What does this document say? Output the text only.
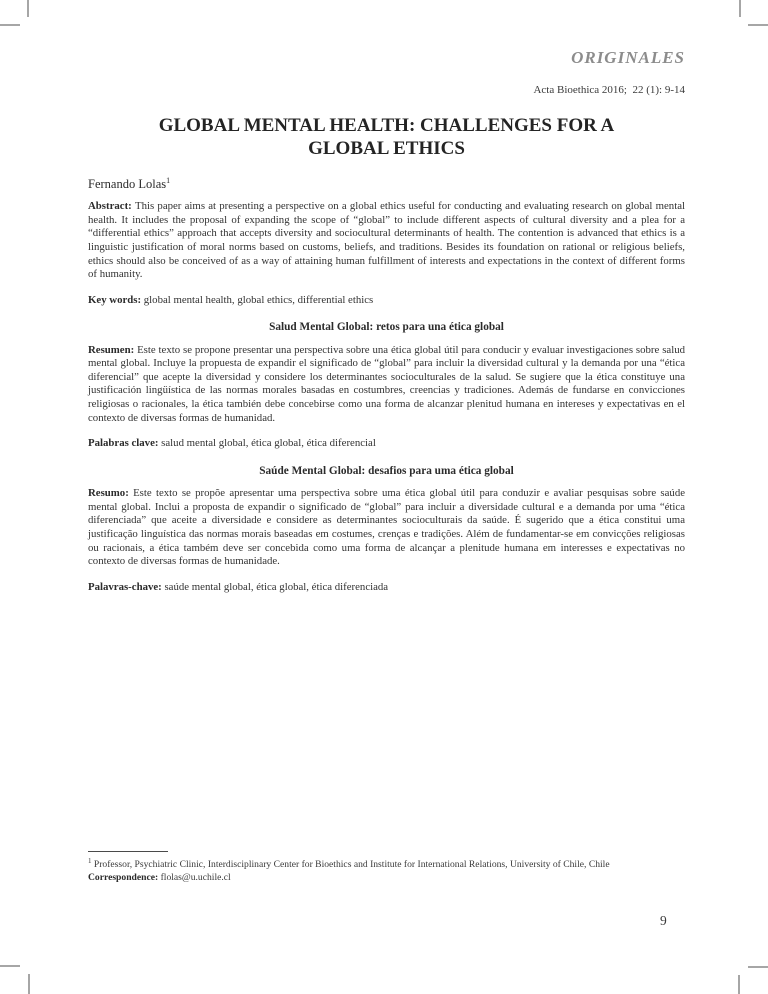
ORIGINALES
Acta Bioethica 2016;  22 (1): 9-14
GLOBAL MENTAL HEALTH: CHALLENGES FOR A GLOBAL ETHICS
Fernando Lolas$^1$

Abstract: This paper aims at presenting a perspective on a global ethics useful for conducting and evaluating research on global mental health. It includes the proposal of expanding the scope of “global” to include different aspects of cultural diversity and a plea for a “differential ethics” approach that accepts diversity and sociocultural determinants of health. The contention is advanced that ethics is a linguistic justification of moral norms based on customs, beliefs, and traditions. Besides its foundation on rational or religious beliefs, ethics should also be conceived of as a way of attaining human fulfillment of interests and expectations in the context of different forms of humanity.

Key words: global mental health, global ethics, differential ethics

Salud Mental Global: retos para una ética global

Resumen: Este texto se propone presentar una perspectiva sobre una ética global útil para conducir y evaluar investigaciones sobre salud mental global. Incluye la propuesta de expandir el significado de “global” para incluir la diversidad cultural y la demanda por una “ética diferencial” que acepte la diversidad y considere los determinantes socioculturales de la salud. Se sugiere que la ética constituye una justificación lingüística de las normas morales basadas en costumbres, creencias y tradiciones. Además de fundarse en convicciones religiosas o racionales, la ética también debe concebirse como una forma de alcanzar plenitud humana en intereses y expectativas en el contexto de diversas formas de humanidad.

Palabras clave: salud mental global, ética global, ética diferencial

Saúde Mental Global: desafios para uma ética global

Resumo: Este texto se propõe apresentar uma perspectiva sobre uma ética global útil para conduzir e avaliar pesquisas sobre saúde mental global. Inclui a proposta de expandir o significado de “global” para incluir a diversidade cultural e a demanda por uma “ética diferenciada” que aceite a diversidade e considere as determinantes socioculturais da saúde. É sugerido que a ética constitui uma justificação linguística das normas morais baseadas em costumes, crenças e tradições. Além de fundamentar-se em convicções religiosas ou racionais, a ética também deve ser concebida como uma forma de alcançar a plenitude humana em interesses e expectativas no contexto de diversas formas de humanidade.

Palavras-chave: saúde mental global, ética global, ética diferenciada

$^1$ Professor, Psychiatric Clinic, Interdisciplinary Center for Bioethics and Institute for International Relations, University of Chile, Chile
Correspondence: flolas@u.uchile.cl
9
